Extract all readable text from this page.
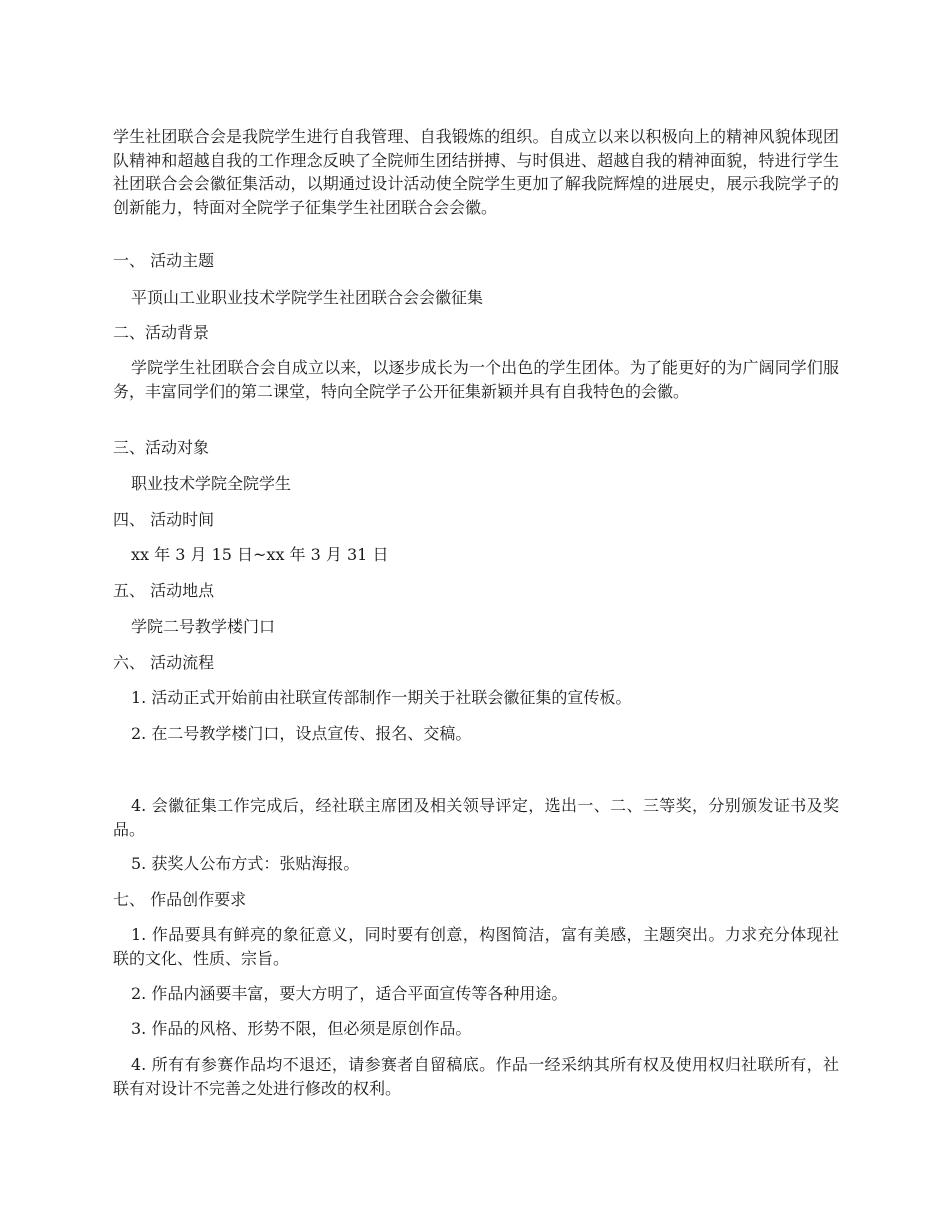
学生社团联合会是我院学生进行自我管理、自我锻炼的组织。自成立以来以积极向上的精神风貌体现团队精神和超越自我的工作理念反映了全院师生团结拼搏、与时俱进、超越自我的精神面貌，特进行学生社团联合会会徽征集活动，以期通过设计活动使全院学生更加了解我院辉煌的进展史，展示我院学子的创新能力，特面对全院学子征集学生社团联合会会徽。

一、 活动主题

平顶山工业职业技术学院学生社团联合会会徽征集

二、活动背景

学院学生社团联合会自成立以来，以逐步成长为一个出色的学生团体。为了能更好的为广阔同学们服务，丰富同学们的第二课堂，特向全院学子公开征集新颖并具有自我特色的会徽。

三、活动对象

职业技术学院全院学生

四、 活动时间

xx 年 3 月 15 日~xx 年 3 月 31 日

五、 活动地点

学院二号教学楼门口

六、 活动流程

1. 活动正式开始前由社联宣传部制作一期关于社联会徽征集的宣传板。

2. 在二号教学楼门口，设点宣传、报名、交稿。

4. 会徽征集工作完成后，经社联主席团及相关领导评定，选出一、二、三等奖，分别颁发证书及奖品。

5. 获奖人公布方式：张贴海报。

七、 作品创作要求

1. 作品要具有鲜亮的象征意义，同时要有创意，构图简洁，富有美感，主题突出。力求充分体现社联的文化、性质、宗旨。

2. 作品内涵要丰富，要大方明了，适合平面宣传等各种用途。

3. 作品的风格、形势不限，但必须是原创作品。

4. 所有有参赛作品均不退还，请参赛者自留稿底。作品一经采纳其所有权及使用权归社联所有，社联有对设计不完善之处进行修改的权利。
